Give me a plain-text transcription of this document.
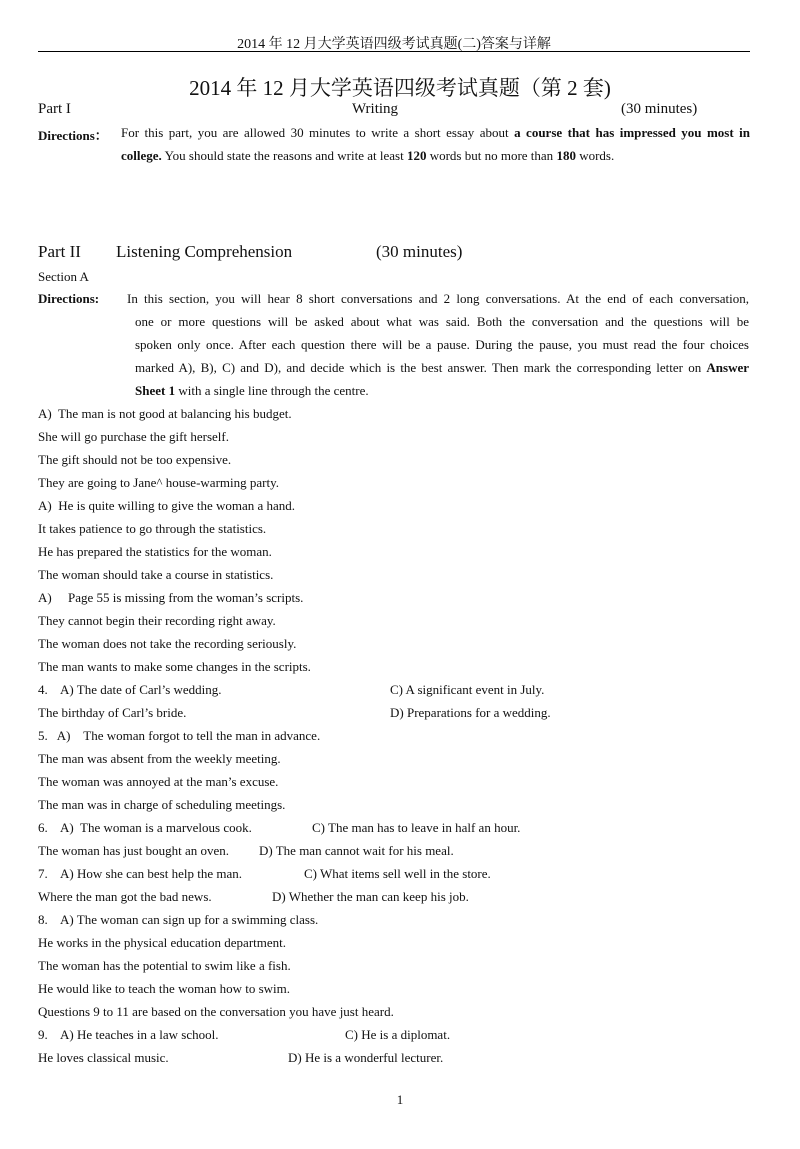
2014 年 12 月大学英语四级考试真题(二)答案与详解
2014 年 12 月大学英语四级考试真题（第 2 套)
Part I	Writing	(30 minutes)
Directions： For this part, you are allowed 30 minutes to write a short essay about a course that has impressed you most in
college. You should state the reasons and write at least 120 words but no more than 180 words.
Part II Listening Comprehension	(30 minutes)
Section A
Directions: In this section, you will hear 8 short conversations and 2 long conversations. At the end of each conversation,
one or more questions will be asked about what was said. Both the conversation and the questions will be
spoken only once. After each question there will be a pause. During the pause, you must read the four choices
marked A), B), C) and D), and decide which is the best answer. Then mark the corresponding letter on Answer
Sheet 1 with a single line through the centre.
A)  The man is not good at balancing his budget.
She will go purchase the gift herself.
The gift should not be too expensive.
They are going to Jane^ house-warming party.
A)  He is quite willing to give the woman a hand.
It takes patience to go through the statistics.
He has prepared the statistics for the woman.
The woman should take a course in statistics.
A)     Page 55 is missing from the woman’s scripts.
They cannot begin their recording right away.
The woman does not take the recording seriously.
The man wants to make some changes in the scripts.
4.    A) The date of Carl’s wedding.	C) A significant event in July.
The birthday of Carl’s bride.	D) Preparations for a wedding.
5.   A)    The woman forgot to tell the man in advance.
The man was absent from the weekly meeting.
The woman was annoyed at the man’s excuse.
The man was in charge of scheduling meetings.
6.    A)  The woman is a marvelous cook.	C) The man has to leave in half an hour.
The woman has just bought an oven. D) The man cannot wait for his meal.
7.    A) How she can best help the man.	C) What items sell well in the store.
Where the man got the bad news.	D) Whether the man can keep his job.
8.    A) The woman can sign up for a swimming class.
He works in the physical education department.
The woman has the potential to swim like a fish.
He would like to teach the woman how to swim.
Questions 9 to 11 are based on the conversation you have just heard.
9.    A) He teaches in a law school.	C) He is a diplomat.
He loves classical music.	D) He is a wonderful lecturer.
1
